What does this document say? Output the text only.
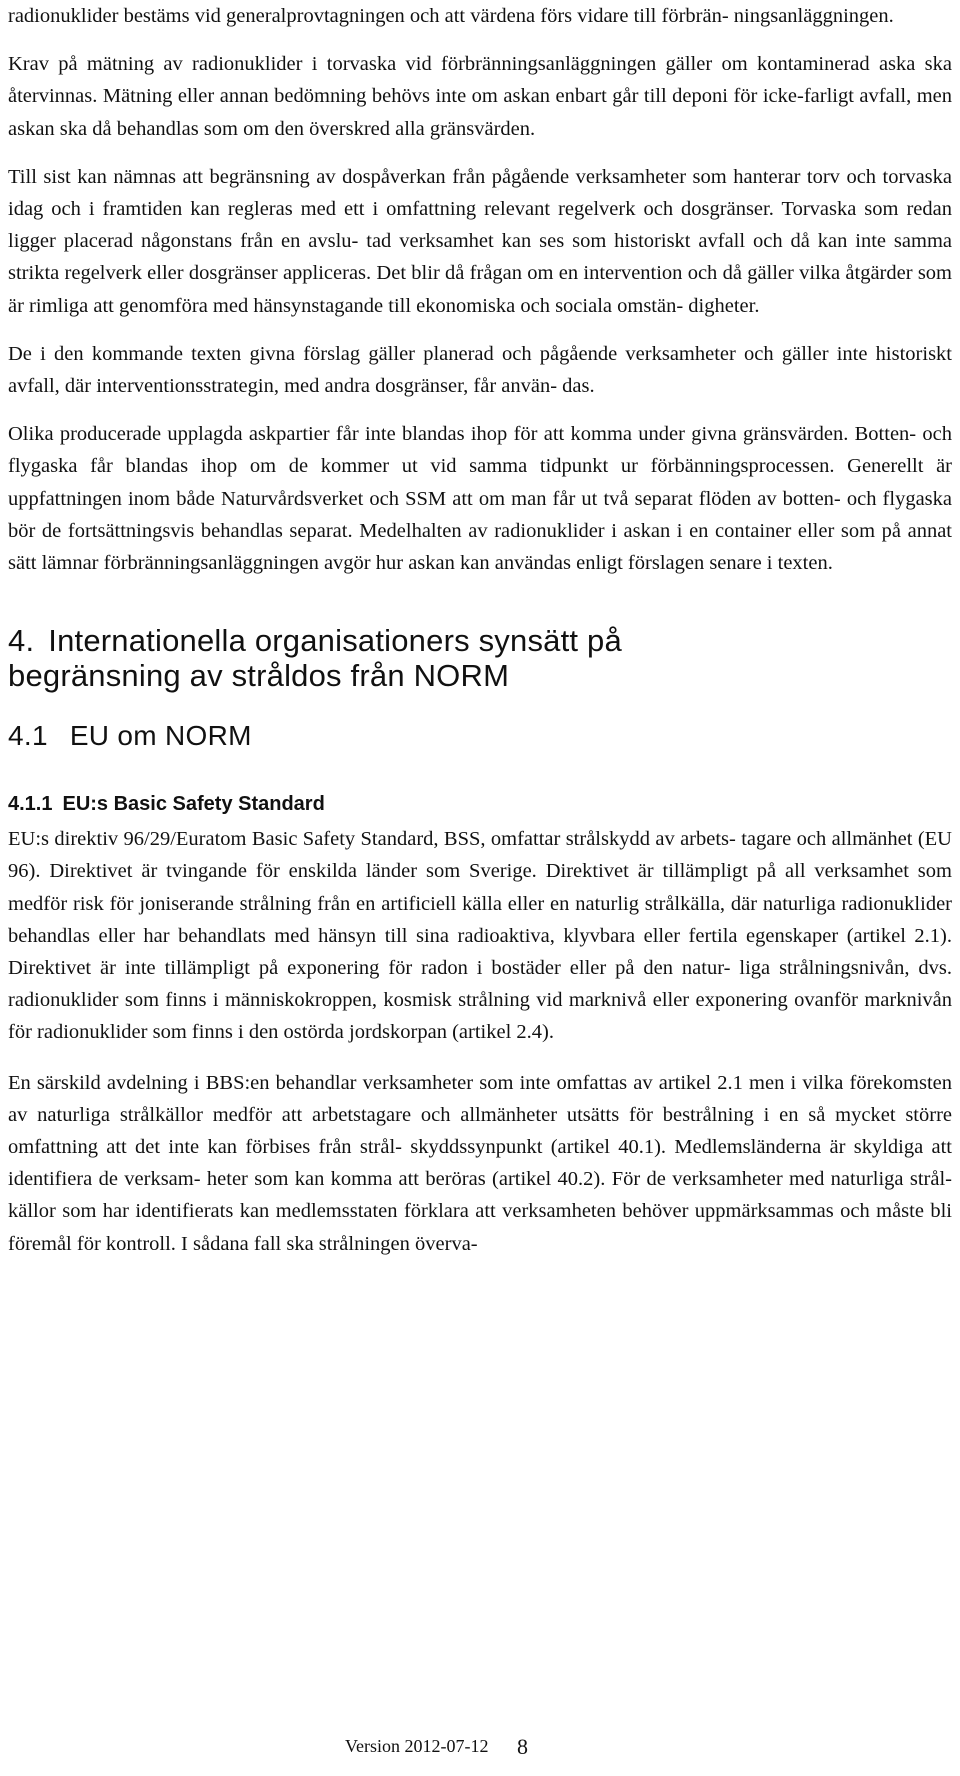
radionuklider bestäms vid generalprovtagningen och att värdena förs vidare till förbrän- ningsanläggningen.

Krav på mätning av radionuklider i torvaska vid förbränningsanläggningen gäller om kontaminerad aska ska återvinnas. Mätning eller annan bedömning behövs inte om askan enbart går till deponi för icke-farligt avfall, men askan ska då behandlas som om den överskred alla gränsvärden.

Till sist kan nämnas att begränsning av dospåverkan från pågående verksamheter som hanterar torv och torvaska idag och i framtiden kan regleras med ett i omfattning relevant regelverk och dosgränser. Torvaska som redan ligger placerad någonstans från en avslu- tad verksamhet kan ses som historiskt avfall och då kan inte samma strikta regelverk eller dosgränser appliceras. Det blir då frågan om en intervention och då gäller vilka åtgärder som är rimliga att genomföra med hänsynstagande till ekonomiska och sociala omstän- digheter.

De i den kommande texten givna förslag gäller planerad och pågående verksamheter och gäller inte historiskt avfall, där interventionsstrategin, med andra dosgränser, får använ- das.

Olika producerade upplagda askpartier får inte blandas ihop för att komma under givna gränsvärden. Botten- och flygaska får blandas ihop om de kommer ut vid samma tidpunkt ur förbänningsprocessen. Generellt är uppfattningen inom både Naturvårdsverket och SSM att om man får ut två separat flöden av botten- och flygaska bör de fortsättningsvis behandlas separat. Medelhalten av radionuklider i askan i en container eller som på annat sätt lämnar förbränningsanläggningen avgör hur askan kan användas enligt förslagen senare i texten.

4. Internationella organisationers synsätt på
begränsning av stråldos från NORM
4.1 EU om NORM
4.1.1 EU:s Basic Safety Standard

EU:s direktiv 96/29/Euratom Basic Safety Standard, BSS, omfattar strålskydd av arbets- tagare och allmänhet (EU 96). Direktivet är tvingande för enskilda länder som Sverige. Direktivet är tillämpligt på all verksamhet som medför risk för joniserande strålning från en artificiell källa eller en naturlig strålkälla, där naturliga radionuklider behandlas eller har behandlats med hänsyn till sina radioaktiva, klyvbara eller fertila egenskaper (artikel 2.1). Direktivet är inte tillämpligt på exponering för radon i bostäder eller på den natur- liga strålningsnivån, dvs. radionuklider som finns i människokroppen, kosmisk strålning vid marknivå eller exponering ovanför marknivån för radionuklider som finns i den ostörda jordskorpan (artikel 2.4).

En särskild avdelning i BBS:en behandlar verksamheter som inte omfattas av artikel 2.1 men i vilka förekomsten av naturliga strålkällor medför att arbetstagare och allmänheter utsätts för bestrålning i en så mycket större omfattning att det inte kan förbises från strål- skyddssynpunkt (artikel 40.1). Medlemsländerna är skyldiga att identifiera de verksam- heter som kan komma att beröras (artikel 40.2). För de verksamheter med naturliga strål- källor som har identifierats kan medlemsstaten förklara att verksamheten behöver uppmärksammas och måste bli föremål för kontroll. I sådana fall ska strålningen överva-

Version 2012-07-12 8
